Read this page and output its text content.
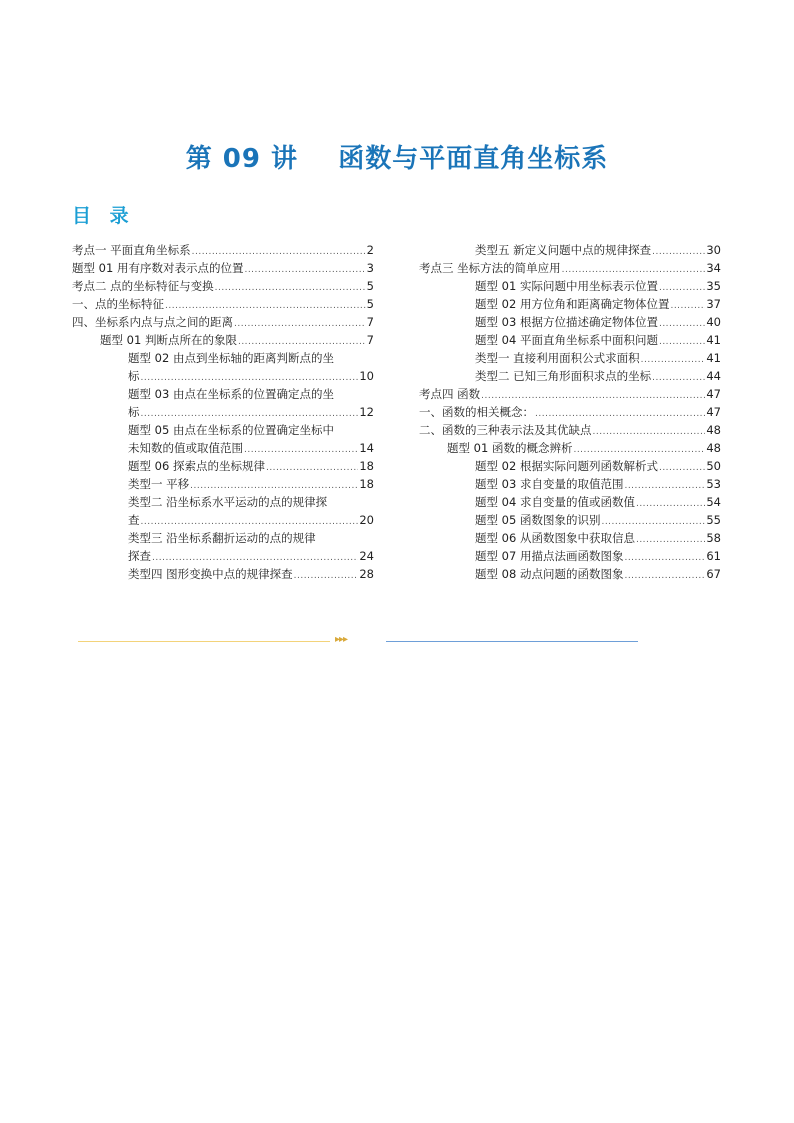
第 09 讲    函数与平面直角坐标系
目 录
考点一 平面直角坐标系 .....	2
题型 01 用有序数对表示点的位置 .....	3
考点二 点的坐标特征与变换 .....	5
一、点的坐标特征 .....	5
四、坐标系内点与点之间的距离 .....	7
题型 01 判断点所在的象限 .....	7
题型 02 由点到坐标轴的距离判断点的坐
标 .....	10
题型 03 由点在坐标系的位置确定点的坐
标 .....	12
题型 05 由点在坐标系的位置确定坐标中
未知数的值或取值范围 .....	14
题型 06 探索点的坐标规律 .....	18
类型一 平移 .....	18
类型二 沿坐标系水平运动的点的规律探
查 .....	20
类型三 沿坐标系翻折运动的点的规律
探查 .....	24
类型四 图形变换中点的规律探查 .....	28
类型五 新定义问题中点的规律探查 .....	30
考点三 坐标方法的简单应用 .....	34
题型 01 实际问题中用坐标表示位置 .....	35
题型 02 用方位角和距离确定物体位置 .....	37
题型 03 根据方位描述确定物体位置 .....	40
题型 04 平面直角坐标系中面积问题 .....	41
类型一 直接利用面积公式求面积 .....	41
类型二 已知三角形面积求点的坐标 .....	44
考点四 函数 .....	47
一、函数的相关概念： .....	47
二、函数的三种表示法及其优缺点 .....	48
题型 01 函数的概念辨析 .....	48
题型 02 根据实际问题列函数解析式 .....	50
题型 03 求自变量的取值范围 .....	53
题型 04 求自变量的值或函数值 .....	54
题型 05 函数图象的识别 .....	55
题型 06 从函数图象中获取信息 .....	58
题型 07 用描点法画函数图象 .....	61
题型 08 动点问题的函数图象 .....	67
▸▸▸
